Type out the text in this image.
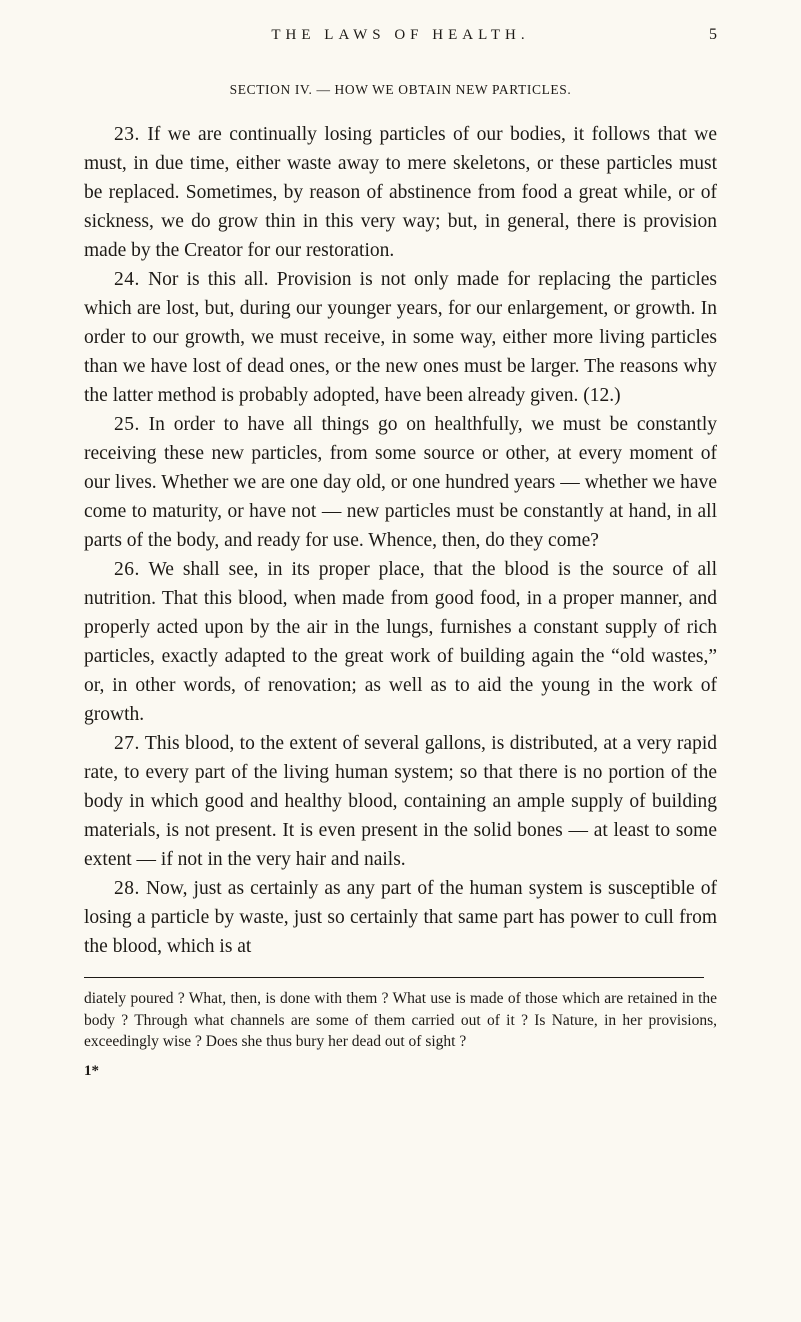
THE LAWS OF HEALTH.	5
SECTION IV. — HOW WE OBTAIN NEW PARTICLES.

23. If we are continually losing particles of our bodies, it follows that we must, in due time, either waste away to mere skeletons, or these particles must be replaced. Sometimes, by reason of abstinence from food a great while, or of sickness, we do grow thin in this very way; but, in general, there is provision made by the Creator for our restoration.

24. Nor is this all. Provision is not only made for replacing the particles which are lost, but, during our younger years, for our enlargement, or growth. In order to our growth, we must receive, in some way, either more living particles than we have lost of dead ones, or the new ones must be larger. The reasons why the latter method is probably adopted, have been already given. (12.)

25. In order to have all things go on healthfully, we must be constantly receiving these new particles, from some source or other, at every moment of our lives. Whether we are one day old, or one hundred years — whether we have come to maturity, or have not — new particles must be constantly at hand, in all parts of the body, and ready for use. Whence, then, do they come?

26. We shall see, in its proper place, that the blood is the source of all nutrition. That this blood, when made from good food, in a proper manner, and properly acted upon by the air in the lungs, furnishes a constant supply of rich particles, exactly adapted to the great work of building again the “old wastes,” or, in other words, of renovation; as well as to aid the young in the work of growth.

27. This blood, to the extent of several gallons, is distributed, at a very rapid rate, to every part of the living human system; so that there is no portion of the body in which good and healthy blood, containing an ample supply of building materials, is not present. It is even present in the solid bones — at least to some extent — if not in the very hair and nails.

28. Now, just as certainly as any part of the human system is susceptible of losing a particle by waste, just so certainly that same part has power to cull from the blood, which is at

diately poured ? What, then, is done with them ? What use is made of those which are retained in the body ? Through what channels are some of them carried out of it ? Is Nature, in her provisions, exceedingly wise ? Does she thus bury her dead out of sight ?

1*
